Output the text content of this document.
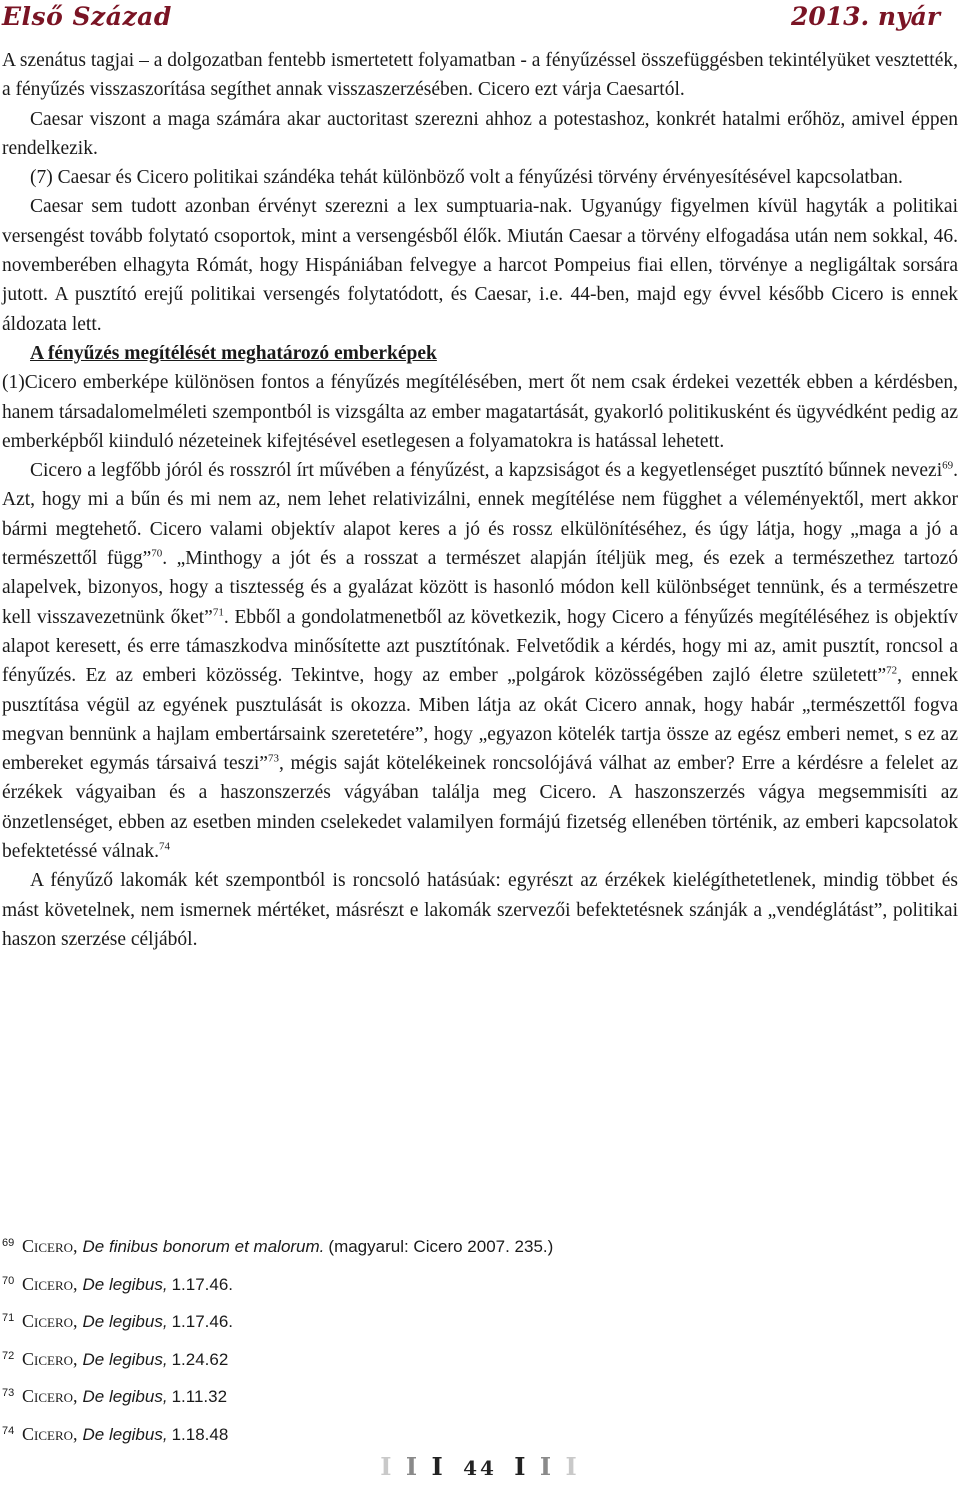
Első Század	2013. nyár

A szenátus tagjai – a dolgozatban fentebb ismertetett folyamatban - a fényűzéssel összefüggésben tekintélyüket vesztették, a fényűzés visszaszorítása segíthet annak visszaszerzésében. Cicero ezt várja Caesartól.

Caesar viszont a maga számára akar auctoritast szerezni ahhoz a potestashoz, konkrét hatalmi erőhöz, amivel éppen rendelkezik.

(7) Caesar és Cicero politikai szándéka tehát különböző volt a fényűzési törvény érvényesítésével kapcsolatban.

Caesar sem tudott azonban érvényt szerezni a lex sumptuaria-nak. Ugyanúgy figyelmen kívül hagyták a politikai versengést tovább folytató csoportok, mint a versengésből élők. Miután Caesar a törvény elfogadása után nem sokkal, 46. novemberében elhagyta Rómát, hogy Hispániában felvegye a harcot Pompeius fiai ellen, törvénye a negligáltak sorsára jutott. A pusztító erejű politikai versengés folytatódott, és Caesar, i.e. 44-ben, majd egy évvel később Cicero is ennek áldozata lett.

A fényűzés megítélését meghatározó emberképek

(1)Cicero emberképe különösen fontos a fényűzés megítélésében, mert őt nem csak érdekei vezették ebben a kérdésben, hanem társadalomelméleti szempontból is vizsgálta az ember magatartását, gyakorló politikusként és ügyvédként pedig az emberképből kiinduló nézeteinek kifejtésével esetlegesen a folyamatokra is hatással lehetett.

Cicero a legfőbb jóról és rosszról írt művében a fényűzést, a kapzsiságot és a kegyetlenséget pusztító bűnnek nevezi$^{69}$. Azt, hogy mi a bűn és mi nem az, nem lehet relativizálni, ennek megítélése nem függhet a véleményektől, mert akkor bármi megtehető. Cicero valami objektív alapot keres a jó és rossz elkülönítéséhez, és úgy látja, hogy „maga a jó a természettől függ”$^{70}$. „Minthogy a jót és a rosszat a természet alapján ítéljük meg, és ezek a természethez tartozó alapelvek, bizonyos, hogy a tisztesség és a gyalázat között is hasonló módon kell különbséget tennünk, és a természetre kell visszavezetnünk őket”$^{71}$. Ebből a gondolatmenetből az következik, hogy Cicero a fényűzés megítéléséhez is objektív alapot keresett, és erre támaszkodva minősítette azt pusztítónak. Felvetődik a kérdés, hogy mi az, amit pusztít, roncsol a fényűzés. Ez az emberi közösség. Tekintve, hogy az ember „polgárok közösségében zajló életre született”$^{72}$, ennek pusztítása végül az egyének pusztulását is okozza. Miben látja az okát Cicero annak, hogy habár „természettől fogva megvan bennünk a hajlam embertársaink szeretetére”, hogy „egyazon kötelék tartja össze az egész emberi nemet, s ez az embereket egymás társaivá teszi”$^{73}$, mégis saját kötelékeinek roncsolójává válhat az ember? Erre a kérdésre a felelet az érzékek vágyaiban és a haszonszerzés vágyában találja meg Cicero. A haszonszerzés vágya megsemmisíti az önzetlenséget, ebben az esetben minden cselekedet valamilyen formájú fizetség ellenében történik, az emberi kapcsolatok befektetéssé válnak.$^{74}$

A fényűző lakomák két szempontból is roncsoló hatásúak: egyrészt az érzékek kielégíthetetlenek, mindig többet és mást követelnek, nem ismernek mértéket, másrészt e lakomák szervezői befektetésnek szánják a „vendéglátást”, politikai haszon szerzése céljából.

69 Cicero, De finibus bonorum et malorum. (magyarul: Cicero 2007. 235.)
70 Cicero, De legibus, 1.17.46.
71 Cicero, De legibus, 1.17.46.
72 Cicero, De legibus, 1.24.62
73 Cicero, De legibus, 1.11.32
74 Cicero, De legibus, 1.18.48
I I I 44 I I I
